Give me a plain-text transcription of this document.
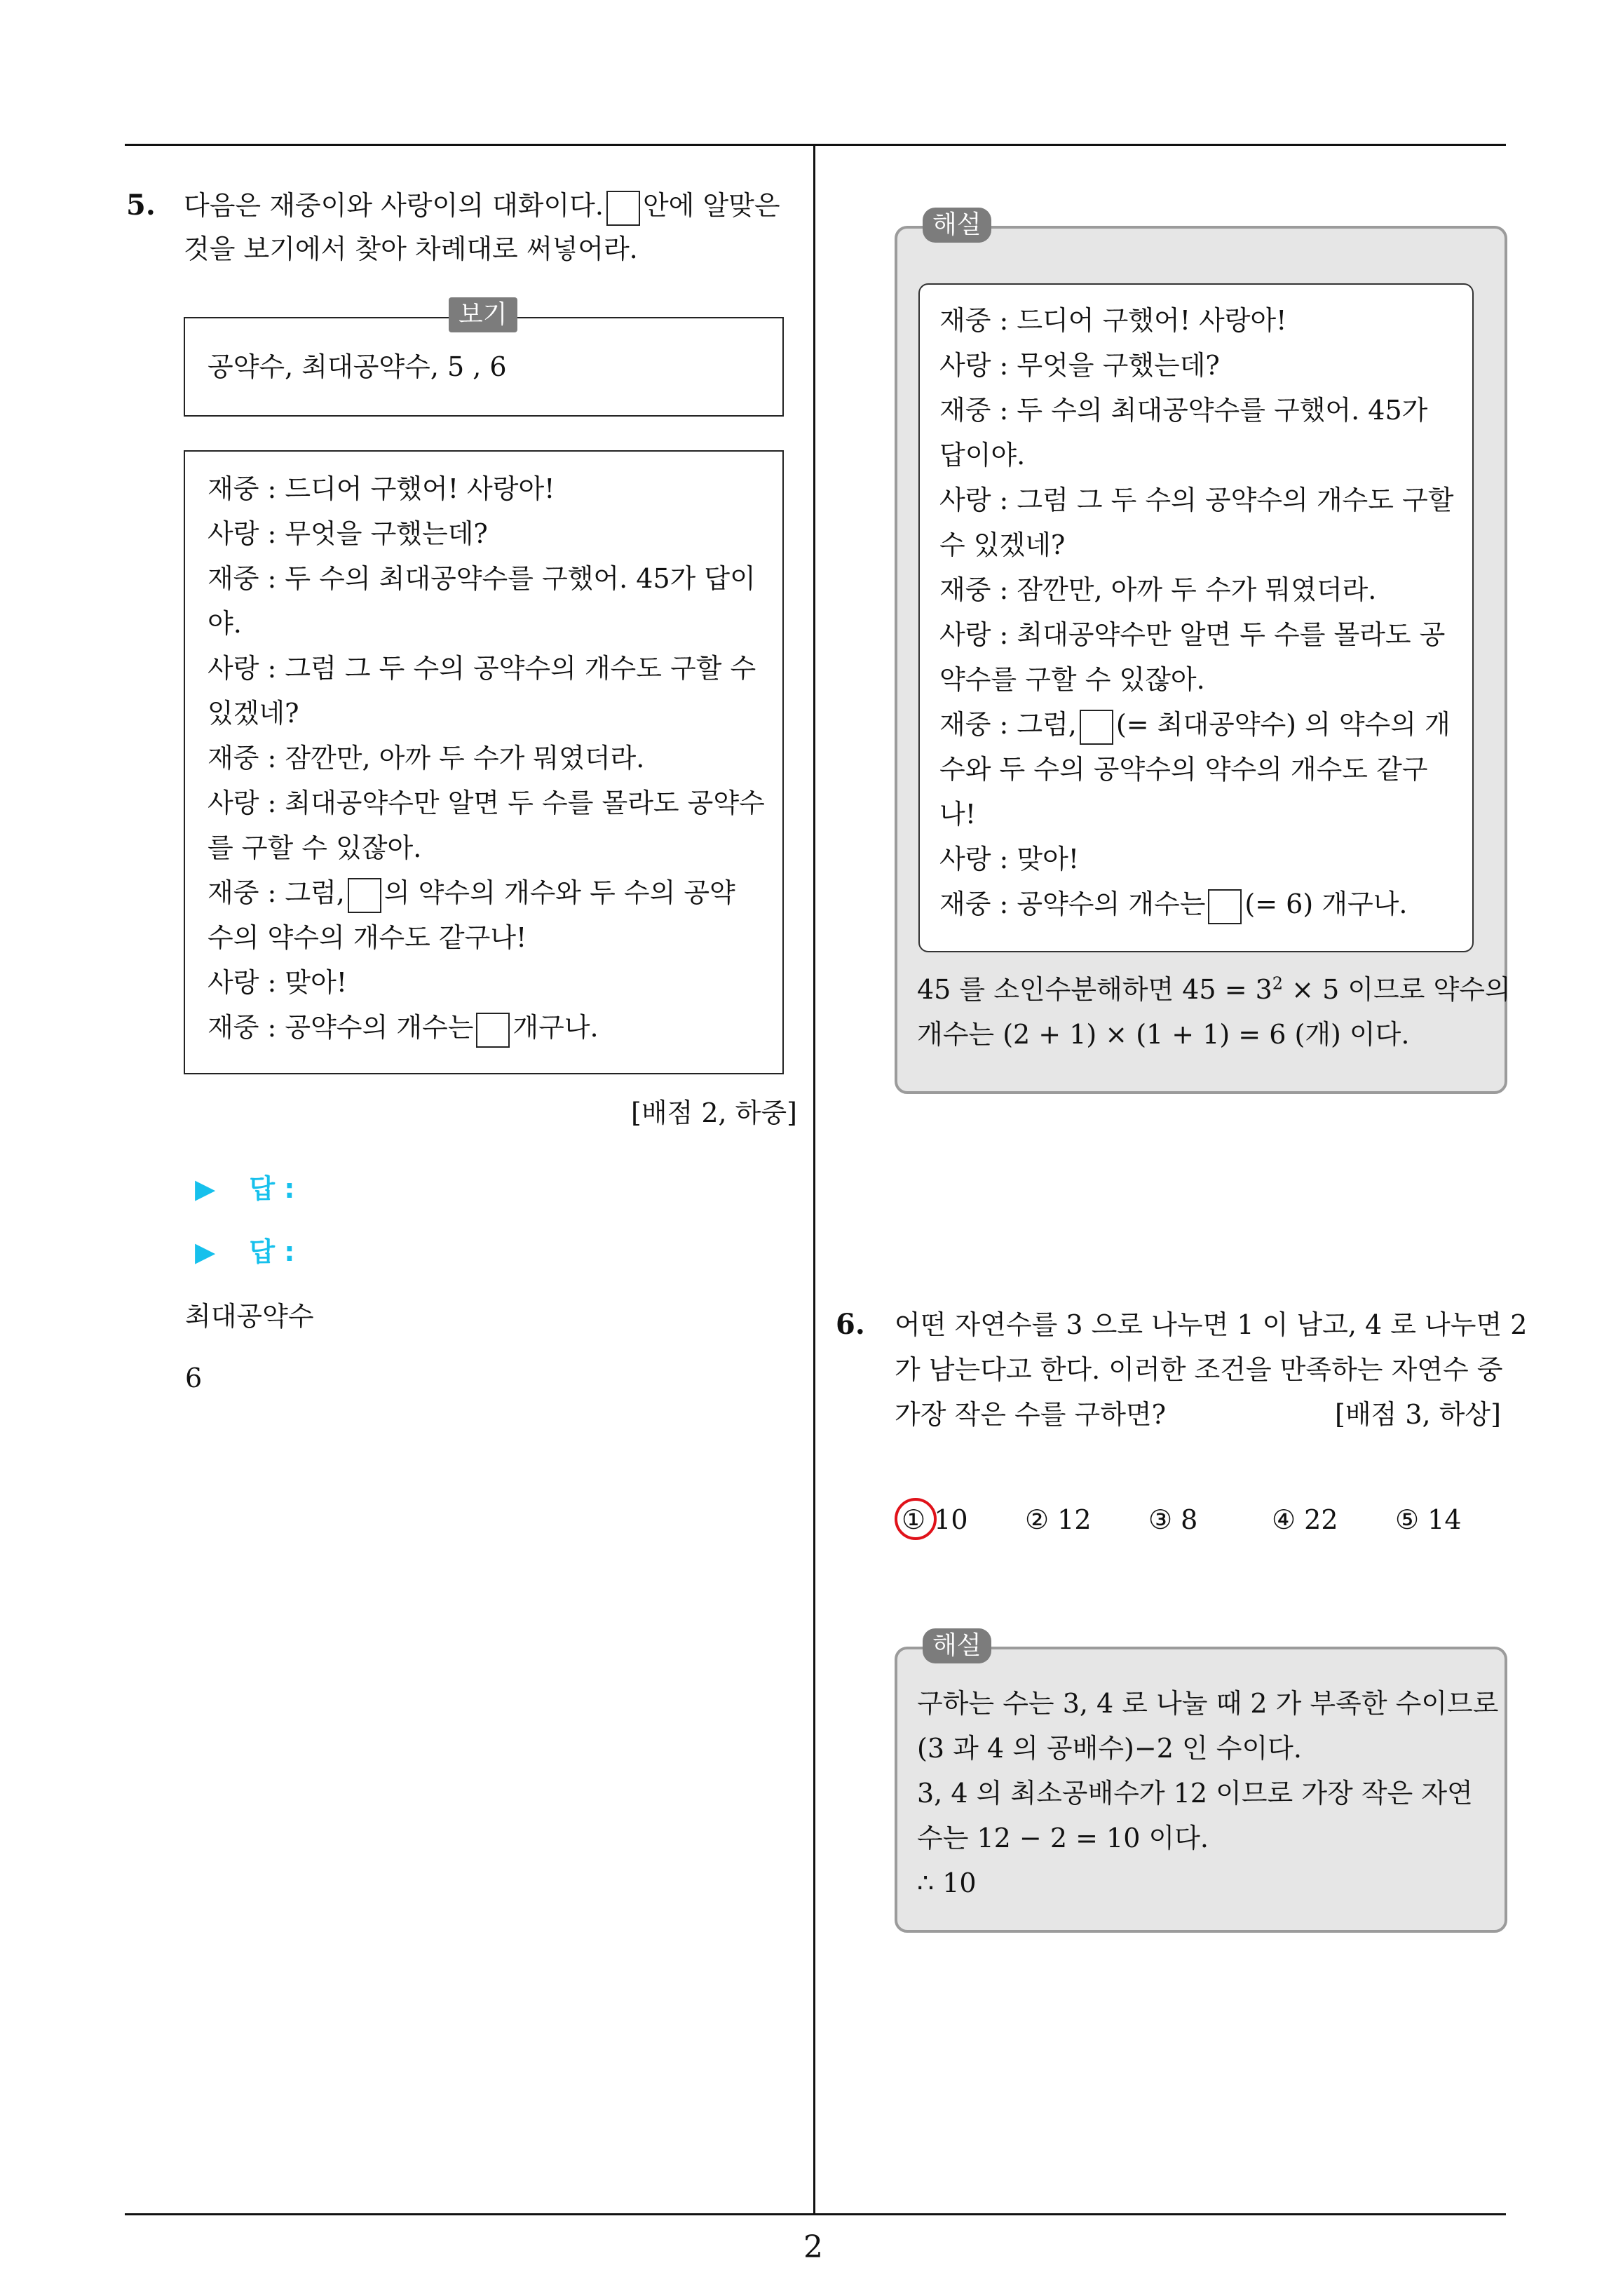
5. 다음은 재중이와 사랑이의 대화이다. 안에 알맞은
것을 보기에서 찾아 차례대로 써넣어라.
보기
공약수, 최대공약수, 5 , 6
재중 : 드디어 구했어! 사랑아!
사랑 : 무엇을 구했는데?
재중 : 두 수의 최대공약수를 구했어. 45가 답이
야.
사랑 : 그럼 그 두 수의 공약수의 개수도 구할 수
있겠네?
재중 : 잠깐만, 아까 두 수가 뭐였더라.
사랑 : 최대공약수만 알면 두 수를 몰라도 공약수
를 구할 수 있잖아.
재중 : 그럼, 의 약수의 개수와 두 수의 공약
수의 약수의 개수도 같구나!
사랑 : 맞아!
재중 : 공약수의 개수는 개구나.
[배점 2, 하중]
▶ 답 :
▶ 답 :
최대공약수
6
해설
재중 : 드디어 구했어! 사랑아!
사랑 : 무엇을 구했는데?
재중 : 두 수의 최대공약수를 구했어. 45가
답이야.
사랑 : 그럼 그 두 수의 공약수의 개수도 구할
수 있겠네?
재중 : 잠깐만, 아까 두 수가 뭐였더라.
사랑 : 최대공약수만 알면 두 수를 몰라도 공
약수를 구할 수 있잖아.
재중 : 그럼, (= 최대공약수) 의 약수의 개
수와 두 수의 공약수의 약수의 개수도 같구
나!
사랑 : 맞아!
재중 : 공약수의 개수는 (= 6) 개구나.
45 를 소인수분해하면 $45 = 3^2 \times 5$ 이므로 약수의
개수는 (2 + 1) × (1 + 1) = 6 (개) 이다.
6. 어떤 자연수를 3 으로 나누면 1 이 남고, 4 로 나누면 2
가 남는다고 한다. 이러한 조건을 만족하는 자연수 중
가장 작은 수를 구하면?	[배점 3, 하상]
① 10 ② 12 ③ 8	④ 22 ⑤ 14
해설
구하는 수는 3, 4 로 나눌 때 2 가 부족한 수이므로
(3 과 4 의 공배수)−2 인 수이다.
3, 4 의 최소공배수가 12 이므로 가장 작은 자연
수는 12 − 2 = 10 이다.
∴ 10
2
